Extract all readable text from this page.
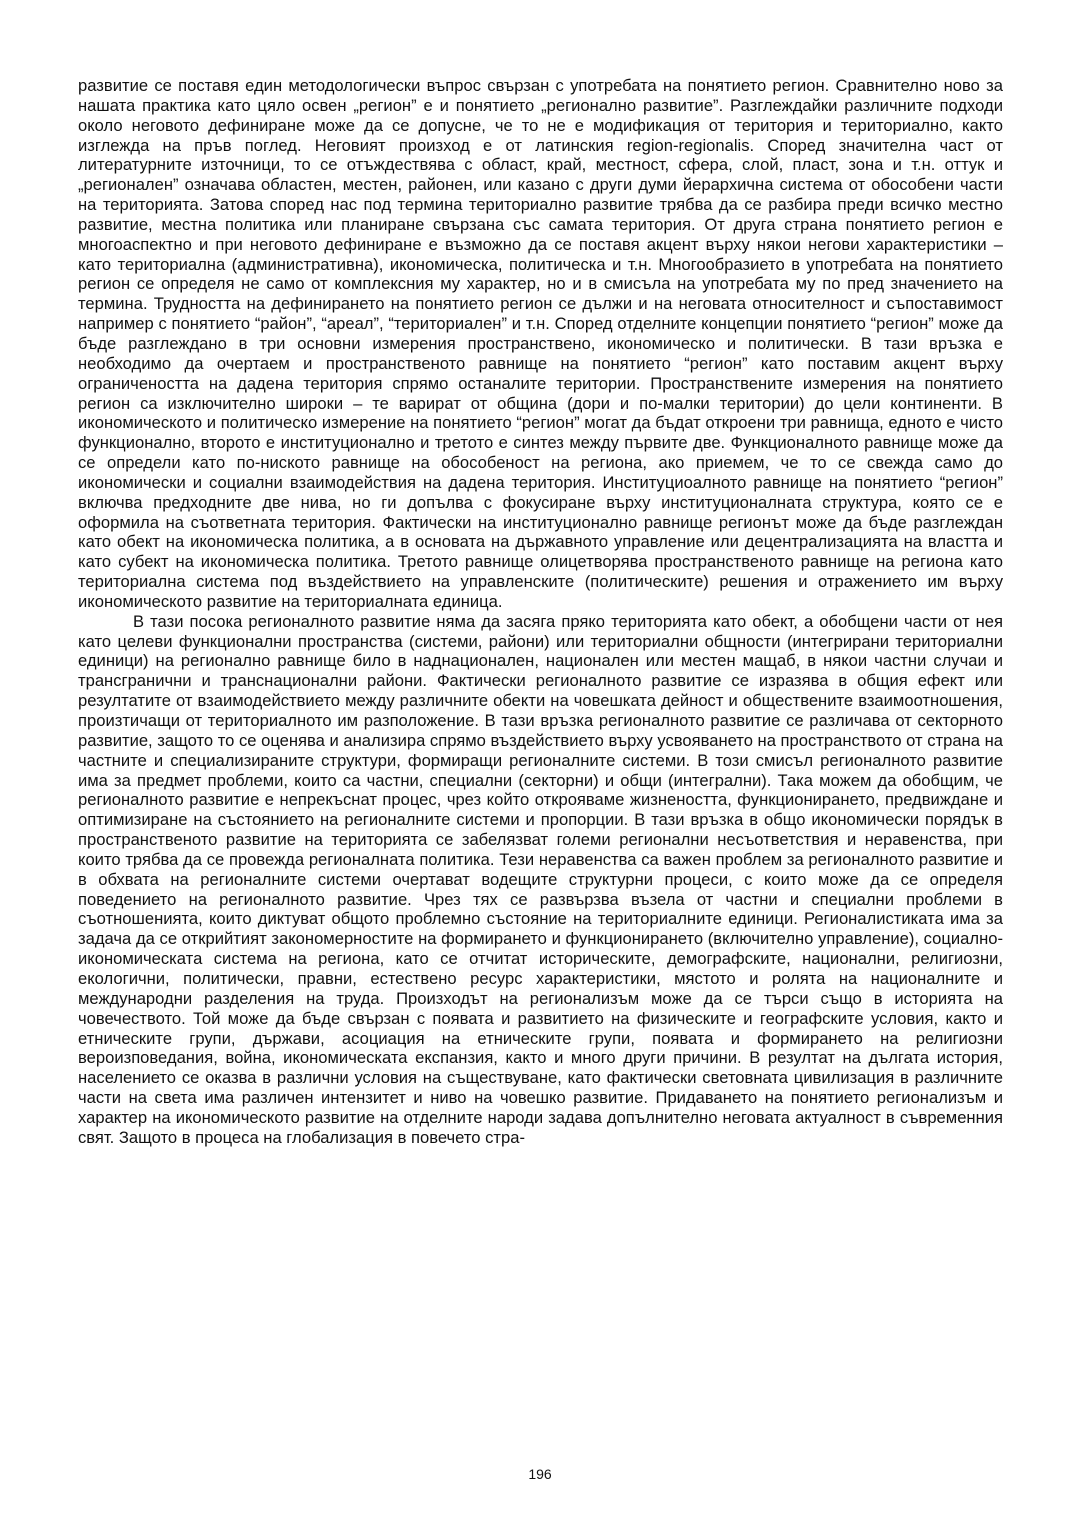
развитие се поставя един методологически въпрос свързан с употребата на понятието регион. Сравнително ново за нашата практика като цяло освен „регион” е и понятието „регионално развитие”. Разглеждайки различните подходи около неговото дефиниране може да се допусне, че то не е модификация от територия и териториално, както изглежда на пръв поглед. Неговият произход е от латинския region-regionalis. Според значителна част от литературните източници, то се отъждествява с област, край, местност, сфера, слой, пласт, зона и т.н. оттук и „регионален” означава областен, местен, районен, или казано с други думи йерархична система от обособени части на територията. Затова според нас под термина териториално развитие трябва да се разбира преди всичко местно развитие, местна политика или планиране свързана със самата територия. От друга страна понятието регион е многоаспектно и при неговото дефиниране е възможно да се поставя акцент върху някои негови характеристики – като териториална (административна), икономическа, политическа и т.н. Многообразието в употребата на понятието регион се определя не само от комплексния му характер, но и в смисъла на употребата му по пред значението на термина. Трудността на дефинирането на понятието регион се дължи и на неговата относителност и съпоставимост например с понятието “район”, “ареал”, “териториален” и т.н. Според отделните концепции понятието “регион” може да бъде разглеждано в три основни измерения пространствено, икономическо и политически. В тази връзка е необходимо да очертаем и пространственото равнище на понятието “регион” като поставим акцент върху ограничеността на дадена територия спрямо останалите територии. Пространствените измерения на понятието регион са изключително широки – те варират от община (дори и по-малки територии) до цели континенти. В икономическото и политическо измерение на понятието “регион” могат да бъдат откроени три равнища, едното е чисто функционално, второто е институционално и третото е синтез между първите две. Функционалното равнище може да се определи като по-ниското равнище на обособеност на региона, ако приемем, че то се свежда само до икономически и социални взаимодействия на дадена територия. Институциоалното равнище на понятието “регион” включва предходните две нива, но ги допълва с фокусиране върху институционалната структура, която се е оформила на съответната територия. Фактически на институционално равнище регионът може да бъде разглеждан като обект на икономическа политика, а в основата на държавното управление или децентрализацията на властта и като субект на икономическа политика. Третото равнище олицетворява пространственото равнище на региона като териториална система под въздействието на управленските (политическите) решения и отражението им върху икономическото развитие на териториалната единица.

В тази посока регионалното развитие няма да засяга пряко територията като обект, а обобщени части от нея като целеви функционални пространства (системи, райони) или териториални общности (интегрирани териториални единици) на регионално равнище било в наднационален, национален или местен мащаб, в някои частни случаи и трансгранични и транснационални райони. Фактически регионалното развитие се изразява в общия ефект или резултатите от взаимодействието между различните обекти на човешката дейност и обществените взаимоотношения, произтичащи от териториалното им разположение. В тази връзка регионалното развитие се различава от секторното развитие, защото то се оценява и анализира спрямо въздействието върху усвояването на пространството от страна на частните и специализираните структури, формиращи регионалните системи. В този смисъл регионалното развитие има за предмет проблеми, които са частни, специални (секторни) и общи (интегрални). Така можем да обобщим, че регионалното развитие е непрекъснат процес, чрез който открояваме жизнеността, функционирането, предвиждане и оптимизиране на състоянието на регионалните системи и пропорции. В тази връзка в общо икономически порядък в пространственото развитие на територията се забелязват големи регионални несъответствия и неравенства, при които трябва да се провежда регионалната политика. Тези неравенства са важен проблем за регионалното развитие и в обхвата на регионалните системи очертават водещите структурни процеси, с които може да се определя поведението на регионалното развитие. Чрез тях се развързва възела от частни и специални проблеми в съотношенията, които диктуват общото проблемно състояние на териториалните единици. Регионалистиката има за задача да се открийтият закономерностите на формирането и функционирането (включително управление), социално-икономическата система на региона, като се отчитат историческите, демографските, национални, религиозни, екологични, политически, правни, естествено ресурс характеристики, мястото и ролята на националните и международни разделения на труда. Произходът на регионализъм може да се търси също в историята на човечеството. Той може да бъде свързан с появата и развитието на физическите и географските условия, както и етническите групи, държави, асоциация на етническите групи, появата и формирането на религиозни вероизповедания, война, икономическата експанзия, както и много други причини. В резултат на дългата история, населението се оказва в различни условия на съществуване, като фактически световната цивилизация в различните части на света има различен интензитет и ниво на човешко развитие. Придаването на понятието регионализъм и характер на икономическото развитие на отделните народи задава допълнително неговата актуалност в съвременния свят. Защото в процеса на глобализация в повечето стра-

196
